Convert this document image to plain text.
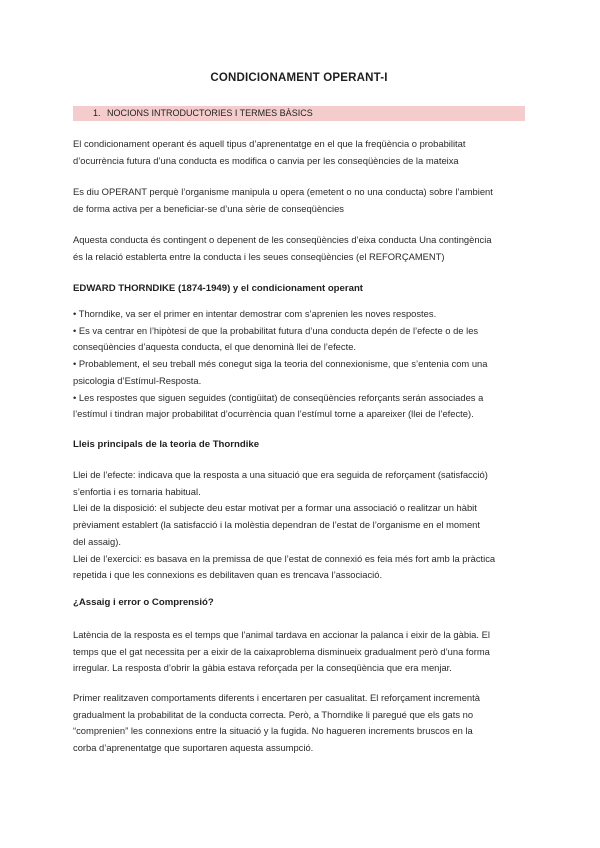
CONDICIONAMENT OPERANT-I
1. NOCIONS INTRODUCTORIES I TERMES BÀSICS

El condicionament operant és aquell tipus d’aprenentatge en el que la freqüència o probabilitat

d’ocurrència futura d’una conducta es modifica o canvia per les conseqüències de la mateixa

Es diu OPERANT perquè l’organisme manipula u opera (emetent o no una conducta) sobre l’ambient

de forma activa per a beneficiar-se d’una sèrie de conseqüències

Aquesta conducta és contingent o depenent de les conseqüències d’eixa conducta Una contingència

és la relació establerta entre la conducta i les seues conseqüències (el REFORÇAMENT)

EDWARD THORNDIKE (1874-1949) y el condicionament operant

• Thorndike, va ser el primer en intentar demostrar com s’aprenien les noves respostes.

• Es va centrar en l’hipòtesi de que la probabilitat futura d’una conducta depén de l’efecte o de les

conseqüències d’aquesta conducta, el que denominà llei de l’efecte.

• Probablement, el seu treball més conegut siga la teoria del connexionisme, que s’entenia com una

psicologia d’Estímul-Resposta.

• Les respostes que siguen seguides (contigüitat) de conseqüències reforçants serán associades a

l’estímul i tindran major probabilitat d’ocurrència quan l’estímul torne a apareixer (llei de l’efecte).

Lleis principals de la teoria de Thorndike

Llei de l’efecte: indicava que la resposta a una situació que era seguida de reforçament (satisfacció)

s’enfortia i es tornaria habitual.

Llei de la disposició: el subjecte deu estar motivat per a formar una associació o realitzar un hàbit

prèviament establert (la satisfacció i la molèstia dependran de l’estat de l’organisme en el moment

del assaig).

Llei de l’exercici: es basava en la premissa de que l’estat de connexió es feia més fort amb la pràctica

repetida i que les connexions es debilitaven quan es trencava l’associació.

¿Assaig i error o Comprensió?

Latència de la resposta es el temps que l’animal tardava en accionar la palanca i eixir de la gàbia. El

temps que el gat necessita per a eixir de la caixaproblema disminueix gradualment però d’una forma

irregular. La resposta d’obrir la gàbia estava reforçada per la conseqüència que era menjar.

Primer realitzaven comportaments diferents i encertaren per casualitat. El reforçament incrementà

gradualment la probabilitat de la conducta correcta. Però, a Thorndike li paregué que els gats no

“comprenien” les connexions entre la situació y la fugida. No hagueren increments bruscos en la

corba d’aprenentatge que suportaren aquesta assumpció.
